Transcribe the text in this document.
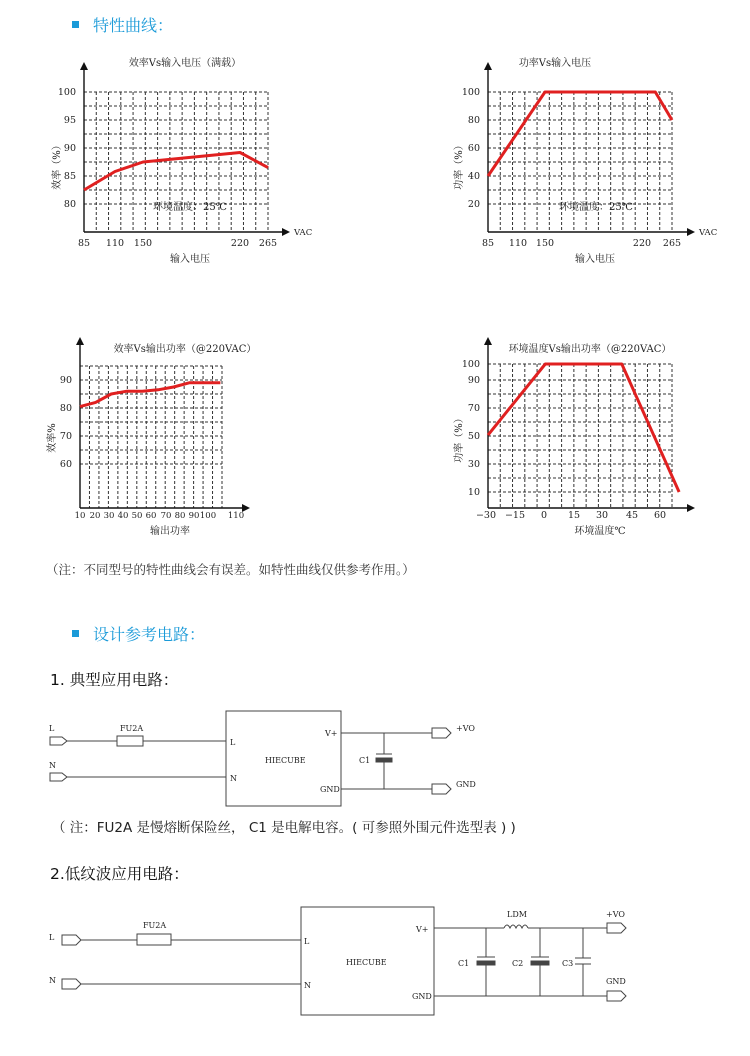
特性曲线：
效率Vs输入电压（满载）
80
85
90
95
100
85 110 150	220 265
VAC
输入电压
效率（%）
环境温度：25℃
功率Vs输入电压
20
40
60
80
100
85 110 150	220 265
VAC
输入电压
功率（%）
环境温度：25℃
效率Vs输出功率（@220VAC）
60
70
80
90
10 20 30 40 50 60 70 80 90 100 110
输出功率
效率%
环境温度Vs输出功率（@220VAC）
10
30
50
70
90
100
−30 −15 0 15 30 45 60
环境温度℃
功率（%）
（注：不同型号的特性曲线会有误差。如特性曲线仅供参考作用。）
设计参考电路：
1. 典型应用电路：
L
N
FU2A
L
N
HIECUBE
V+
GND
C1
+VO
GND
L
N
FU2A
L
N
HIECUBE
V+
GND
LDM
C1	C2	C3
+VO
GND
（ 注：FU2A 是慢熔断保险丝， C1 是电解电容。( 可参照外围元件选型表 ) )
2.低纹波应用电路：
